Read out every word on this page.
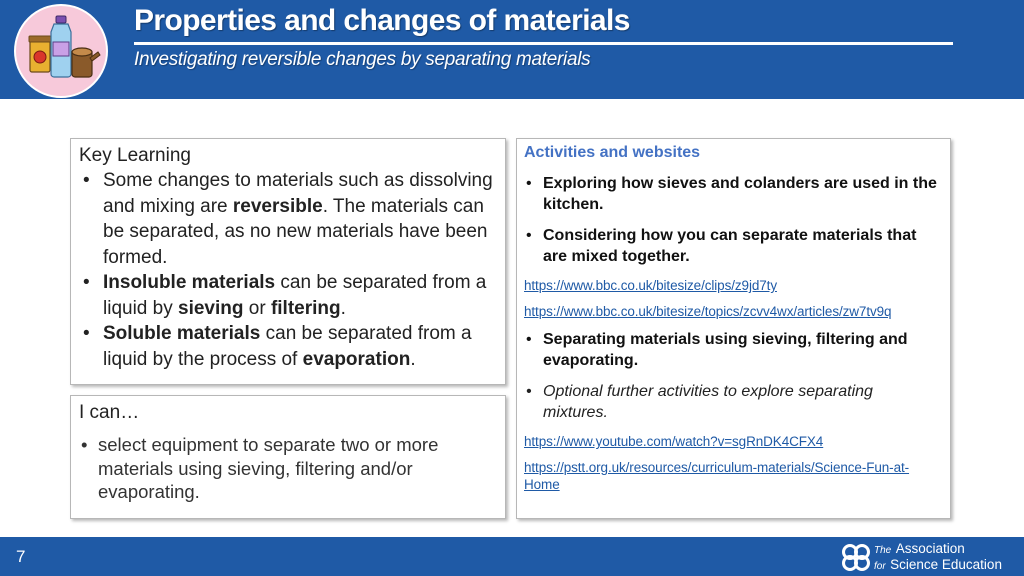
Properties and changes of materials
Investigating reversible changes by separating materials
Key Learning
• Some changes to materials such as dissolving and mixing are reversible. The materials can be separated, as no new materials have been formed.
• Insoluble materials can be separated from a liquid by sieving or filtering.
• Soluble materials can be separated from a liquid by the process of evaporation.
I can…
• select equipment to separate two or more materials using sieving, filtering and/or evaporating.
Activities and websites
• Exploring how sieves and colanders are used in the kitchen.
• Considering how you can separate materials that are mixed together.
https://www.bbc.co.uk/bitesize/clips/z9jd7ty
https://www.bbc.co.uk/bitesize/topics/zcvv4wx/articles/zw7tv9q
• Separating materials using sieving, filtering and evaporating.
• Optional further activities to explore separating mixtures.
https://www.youtube.com/watch?v=sgRnDK4CFX4
https://pstt.org.uk/resources/curriculum-materials/Science-Fun-at-Home
7	The Association
for Science Education
